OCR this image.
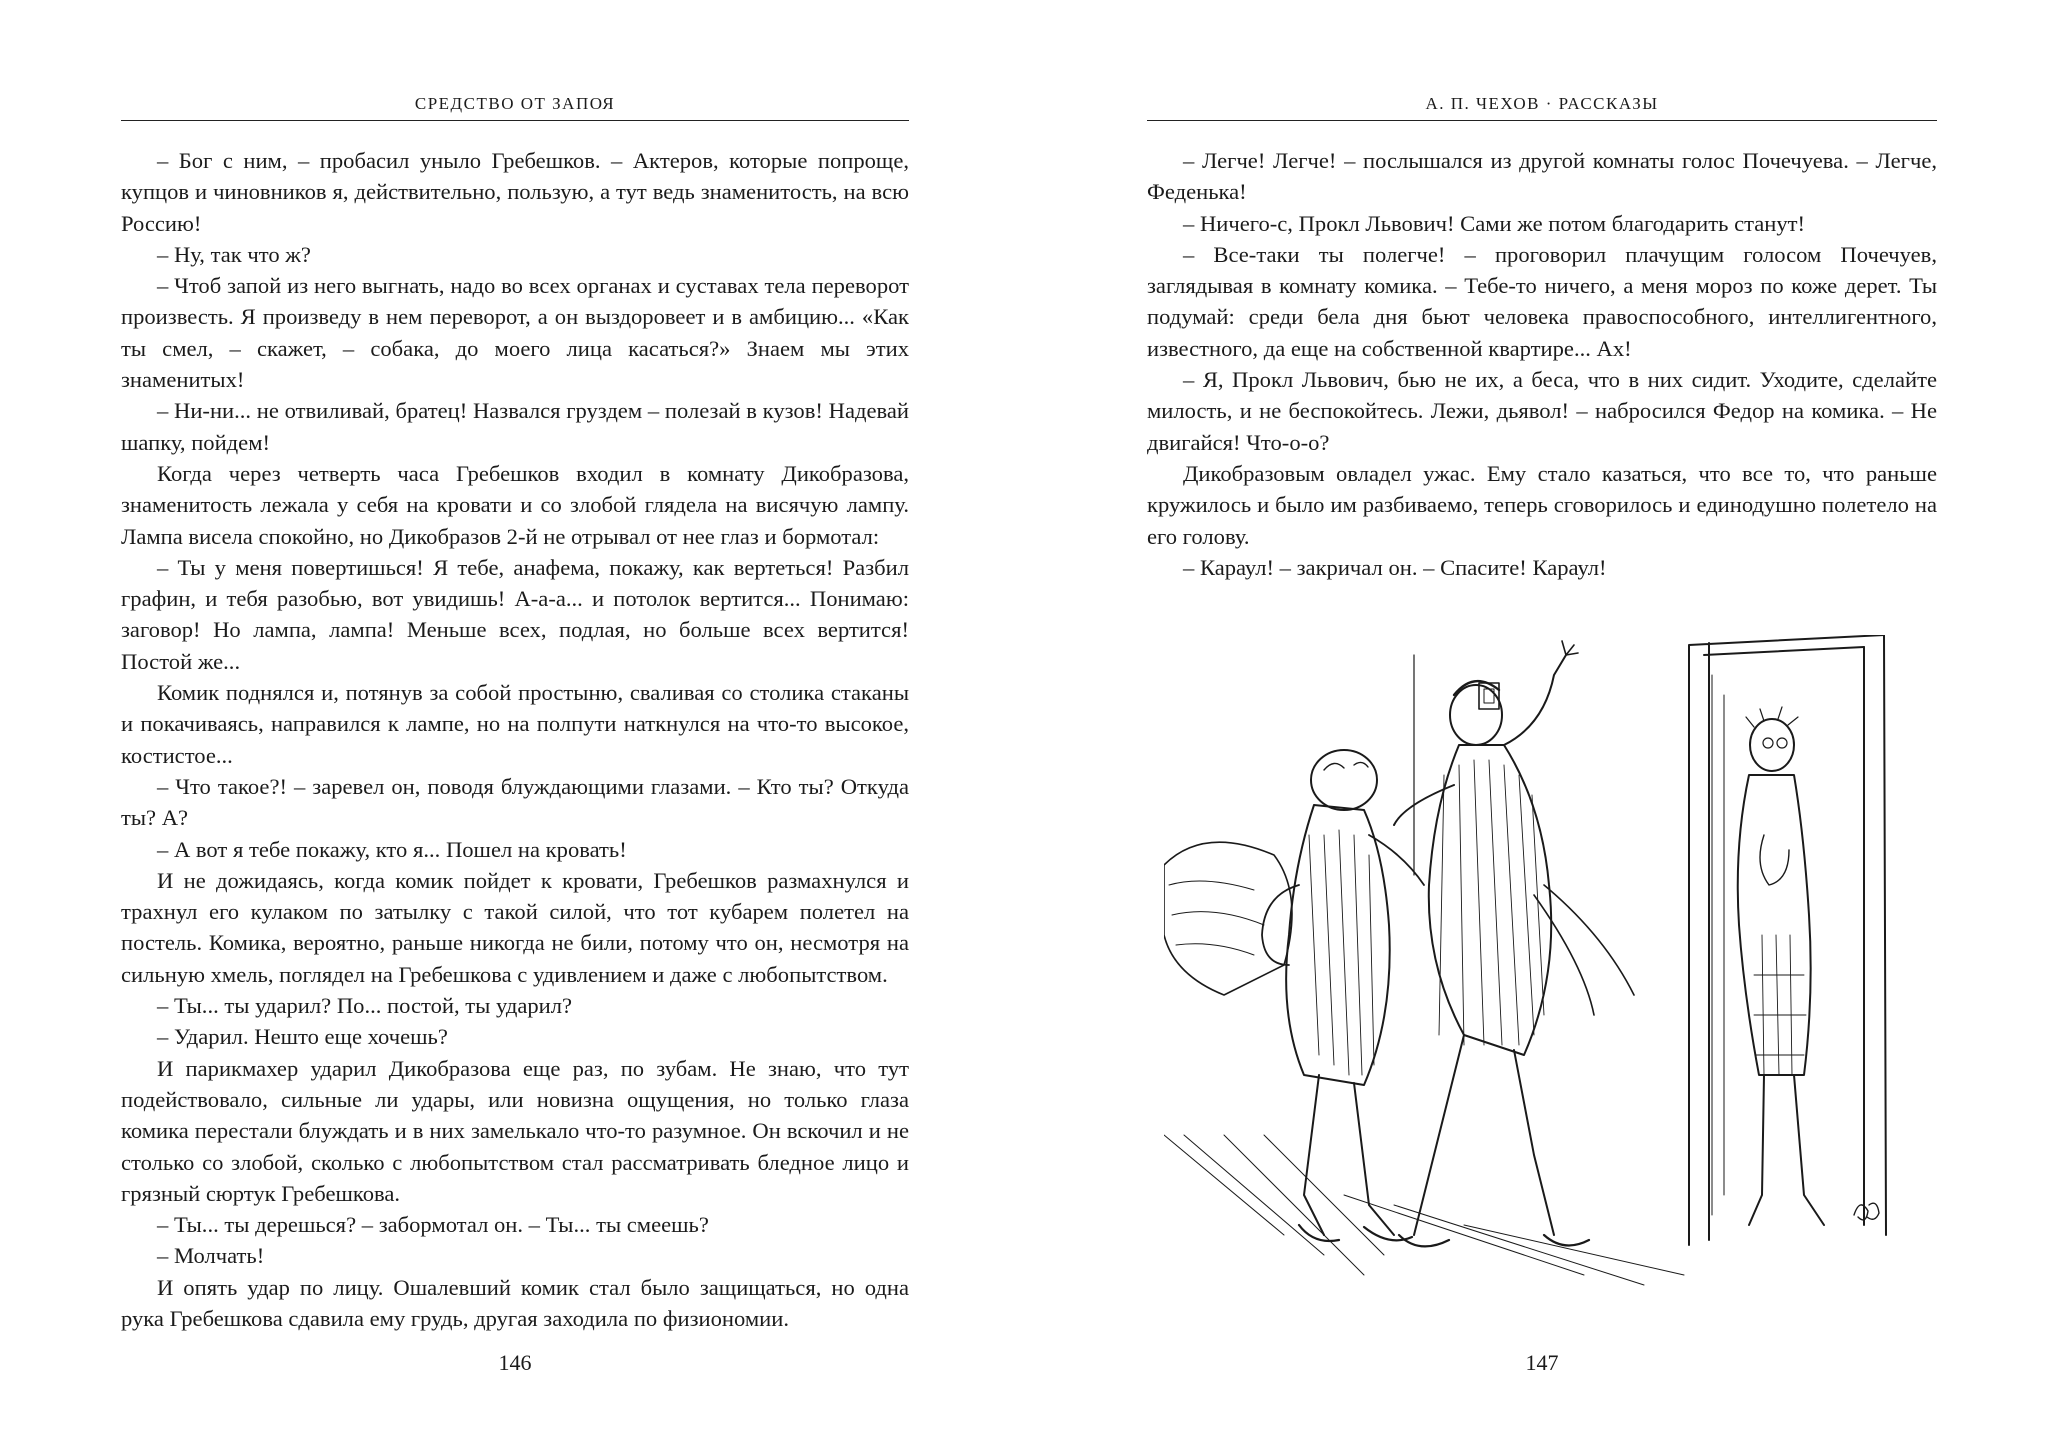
СРЕДСТВО ОТ ЗАПОЯ

– Бог с ним, – пробасил уныло Гребешков. – Актеров, которые попроще, купцов и чиновников я, действительно, пользую, а тут ведь знаменитость, на всю Россию!

– Ну, так что ж?

– Чтоб запой из него выгнать, надо во всех органах и суставах тела переворот произвесть. Я произведу в нем переворот, а он выздоровеет и в амбицию... «Как ты смел, – скажет, – собака, до моего лица касаться?» Знаем мы этих знаменитых!

– Ни-ни... не отвиливай, братец! Назвался груздем – полезай в кузов! Надевай шапку, пойдем!

Когда через четверть часа Гребешков входил в комнату Дикобразова, знаменитость лежала у себя на кровати и со злобой глядела на висячую лампу. Лампа висела спокойно, но Дикобразов 2-й не отрывал от нее глаз и бормотал:

– Ты у меня повертишься! Я тебе, анафема, покажу, как вертеться! Разбил графин, и тебя разобью, вот увидишь! А-а-а... и потолок вертится... Понимаю: заговор! Но лампа, лампа! Меньше всех, подлая, но больше всех вертится! Постой же...

Комик поднялся и, потянув за собой простыню, сваливая со столика стаканы и покачиваясь, направился к лампе, но на полпути наткнулся на что-то высокое, костистое...

– Что такое?! – заревел он, поводя блуждающими глазами. – Кто ты? Откуда ты? А?

– А вот я тебе покажу, кто я... Пошел на кровать!

И не дожидаясь, когда комик пойдет к кровати, Гребешков размахнулся и трахнул его кулаком по затылку с такой силой, что тот кубарем полетел на постель. Комика, вероятно, раньше никогда не били, потому что он, несмотря на сильную хмель, поглядел на Гребешкова с удивлением и даже с любопытством.

– Ты... ты ударил? По... постой, ты ударил?

– Ударил. Нешто еще хочешь?

И парикмахер ударил Дикобразова еще раз, по зубам. Не знаю, что тут подействовало, сильные ли удары, или новизна ощущения, но только глаза комика перестали блуждать и в них замелькало что-то разумное. Он вскочил и не столько со злобой, сколько с любопытством стал рассматривать бледное лицо и грязный сюртук Гребешкова.

– Ты... ты дерешься? – забормотал он. – Ты... ты смеешь?

– Молчать!

И опять удар по лицу. Ошалевший комик стал было защищаться, но одна рука Гребешкова сдавила ему грудь, другая заходила по физиономии.

146
А. П. ЧЕХОВ · РАССКАЗЫ

– Легче! Легче! – послышался из другой комнаты голос Почечуева. – Легче, Феденька!

– Ничего-с, Прокл Львович! Сами же потом благодарить станут!

– Все-таки ты полегче! – проговорил плачущим голосом Почечуев, заглядывая в комнату комика. – Тебе-то ничего, а меня мороз по коже дерет. Ты подумай: среди бела дня бьют человека правоспособного, интеллигентного, известного, да еще на собственной квартире... Ах!

– Я, Прокл Львович, бью не их, а беса, что в них сидит. Уходите, сделайте милость, и не беспокойтесь. Лежи, дьявол! – набросился Федор на комика. – Не двигайся! Что-о-о?

Дикобразовым овладел ужас. Ему стало казаться, что все то, что раньше кружилось и было им разбиваемо, теперь сговорилось и единодушно полетело на его голову.

– Караул! – закричал он. – Спасите! Караул!

147
